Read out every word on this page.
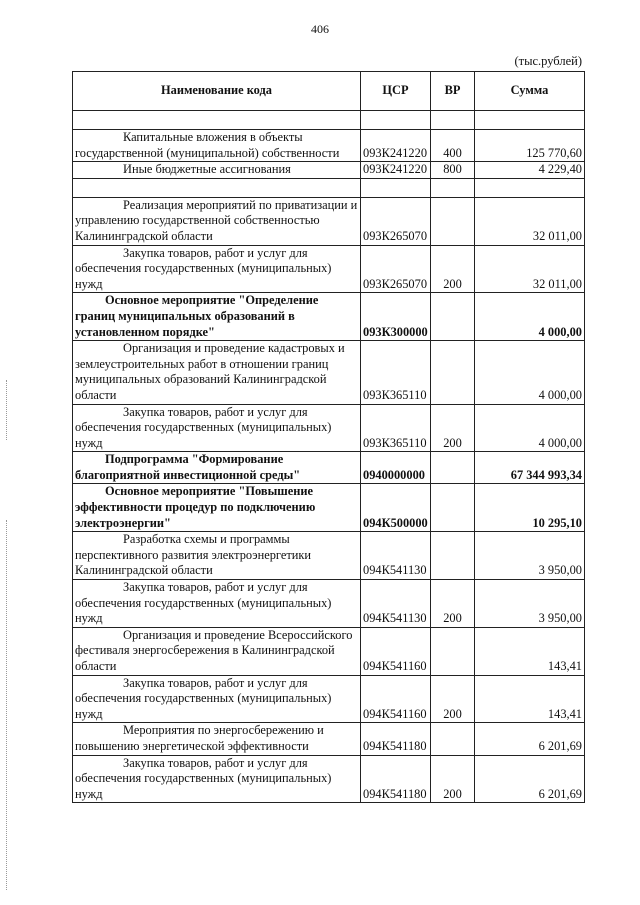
406
(тыс.рублей)
Наименование кода	ЦСР	ВР	Сумма

Капитальные вложения в объекты государственной (муниципальной) собственности	093К241220	400	125 770,60
Иные бюджетные ассигнования	093К241220	800	4 229,40

Реализация мероприятий по приватизации и управлению государственной собственностью Калининградской области	093К265070		32 011,00
Закупка товаров, работ и услуг для обеспечения государственных (муниципальных) нужд	093К265070	200	32 011,00
Основное мероприятие "Определение границ муниципальных образований в установленном порядке"	093К300000		4 000,00
Организация и проведение кадастровых и землеустроительных работ в отношении границ муниципальных образований Калининградской области	093К365110		4 000,00
Закупка товаров, работ и услуг для обеспечения государственных (муниципальных) нужд	093К365110	200	4 000,00
Подпрограмма "Формирование благоприятной инвестиционной среды"	0940000000		67 344 993,34
Основное мероприятие "Повышение эффективности процедур по подключению электроэнергии"	094К500000		10 295,10
Разработка схемы и программы перспективного развития электроэнергетики Калининградской области	094К541130		3 950,00
Закупка товаров, работ и услуг для обеспечения государственных (муниципальных) нужд	094К541130	200	3 950,00
Организация и проведение Всероссийского фестиваля энергосбережения в Калининградской области	094К541160		143,41
Закупка товаров, работ и услуг для обеспечения государственных (муниципальных) нужд	094К541160	200	143,41
Мероприятия по энергосбережению и повышению энергетической эффективности	094К541180		6 201,69
Закупка товаров, работ и услуг для обеспечения государственных (муниципальных) нужд	094К541180	200	6 201,69
